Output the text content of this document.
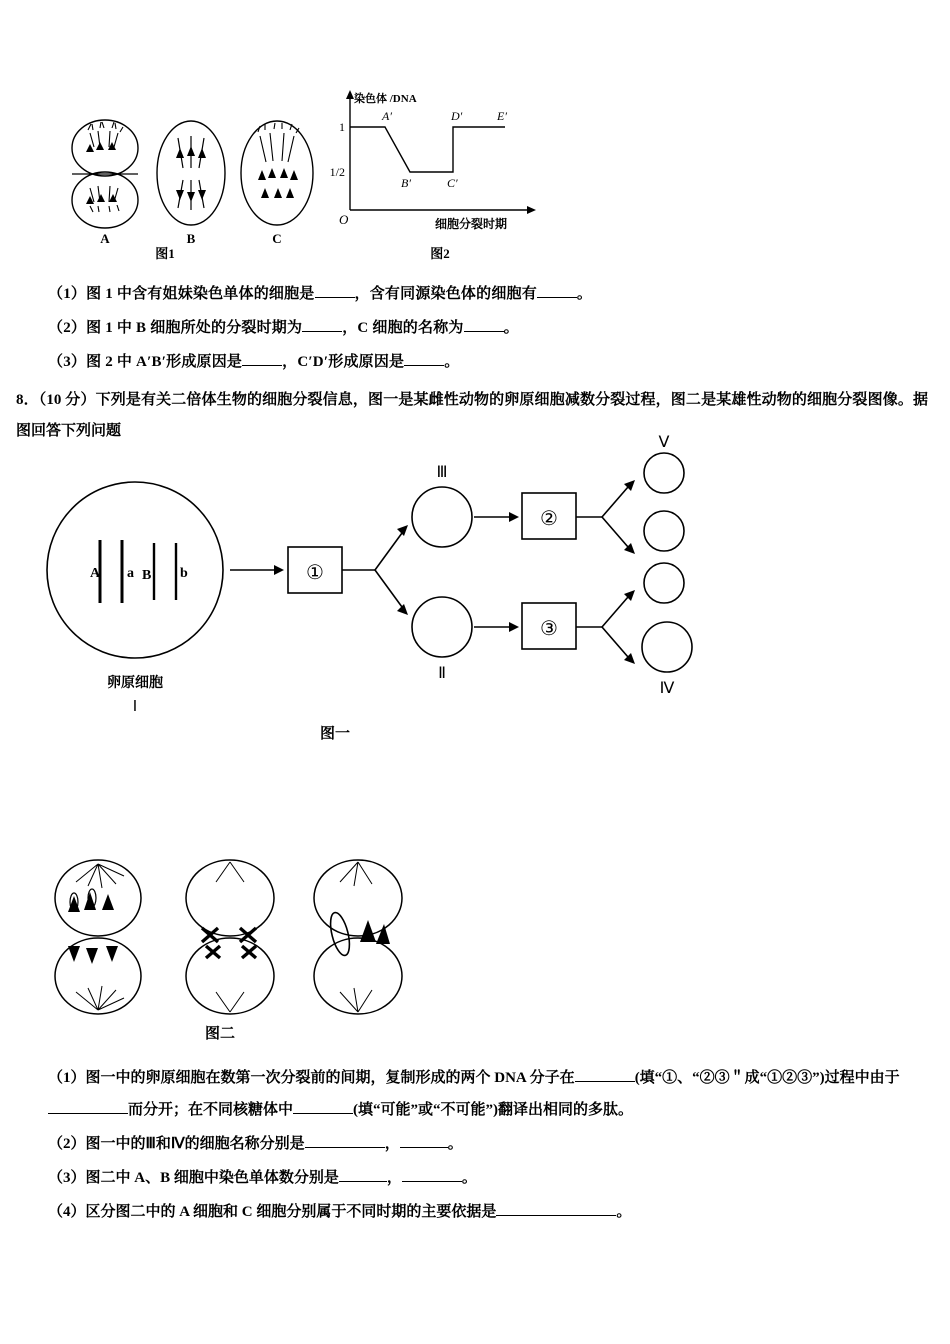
A	B	C
图1
1
1/2
染色体 /DNA
O	细胞分裂时期
A′
B′	C′
D′	E′
图2
（1）图 1 中含有姐妹染色单体的细胞是	，含有同源染色体的细胞有	。
（2）图 1 中 B 细胞所处的分裂时期为	，C 细胞的名称为	。
（3）图 2 中 A′B′形成原因是	，C′D′形成原因是	。
8．（10 分）下列是有关二倍体生物的细胞分裂信息，图一是某雌性动物的卵原细胞减数分裂过程，图二是某雄性动物的细胞分裂图像。据图回答下列问题
A a B b	①
Ⅲ
Ⅱ
②
③
Ⅴ
Ⅳ
卵原细胞
Ⅰ
图一
图二
（1）图一中的卵原细胞在数第一次分裂前的间期，复制形成的两个 DNA 分子在	(填“①、“②③＂成“①②③”)过程中由于而分开；在不同核糖体中	(填“可能”或“不可能”)翻译出相同的多肽。
（2）图一中的Ⅲ和Ⅳ的细胞名称分别是	，	。
（3）图二中 A、B 细胞中染色单体数分别是	，	。
（4）区分图二中的 A 细胞和 C 细胞分别属于不同时期的主要依据是	。
